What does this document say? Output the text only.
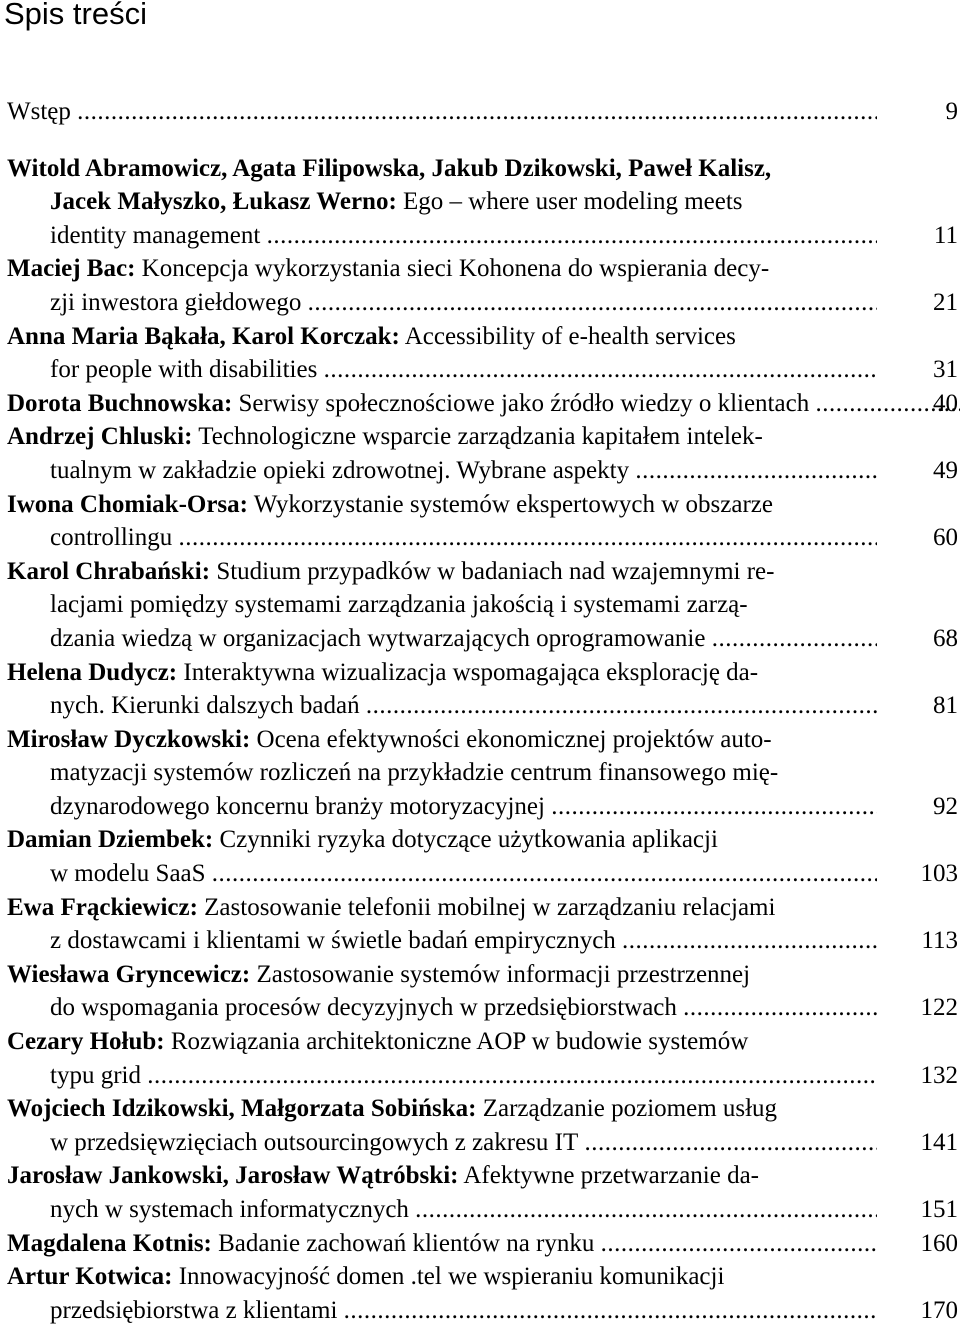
Spis treści
Wstęp
.....	9
Witold Abramowicz, Agata Filipowska, Jakub Dzikowski, Paweł Kalisz,
Jacek Małyszko, Łukasz Werno: Ego – where user modeling meets
identity management
.....	11
Maciej Bac: Koncepcja wykorzystania sieci Kohonena do wspierania decy-
zji inwestora giełdowego
.....	21
Anna Maria Bąkała, Karol Korczak: Accessibility of e-health services
for people with disabilities
.....	31
Dorota Buchnowska: Serwisy społecznościowe jako źródło wiedzy o klientach
.....	40
Andrzej Chluski: Technologiczne wsparcie zarządzania kapitałem intelek-
tualnym w zakładzie opieki zdrowotnej. Wybrane aspekty
.....	49
Iwona Chomiak-Orsa: Wykorzystanie systemów ekspertowych w obszarze
controllingu
.....	60
Karol Chrabański: Studium przypadków w badaniach nad wzajemnymi re-
lacjami pomiędzy systemami zarządzania jakością i systemami zarzą-
dzania wiedzą w organizacjach wytwarzających oprogramowanie
.....	68
Helena Dudycz: Interaktywna wizualizacja wspomagająca eksplorację da-
nych. Kierunki dalszych badań
.....	81
Mirosław Dyczkowski: Ocena efektywności ekonomicznej projektów auto-
matyzacji systemów rozliczeń na przykładzie centrum finansowego mię-
dzynarodowego koncernu branży motoryzacyjnej
.....	92
Damian Dziembek: Czynniki ryzyka dotyczące użytkowania aplikacji
w modelu SaaS
.....	103
Ewa Frąckiewicz: Zastosowanie telefonii mobilnej w zarządzaniu relacjami
z dostawcami i klientami w świetle badań empirycznych
.....	113
Wiesława Gryncewicz: Zastosowanie systemów informacji przestrzennej
do wspomagania procesów decyzyjnych w przedsiębiorstwach
.....	122
Cezary Hołub: Rozwiązania architektoniczne AOP w budowie systemów
typu grid
.....	132
Wojciech Idzikowski, Małgorzata Sobińska: Zarządzanie poziomem usług
w przedsięwzięciach outsourcingowych z zakresu IT
.....	141
Jarosław Jankowski, Jarosław Wątróbski: Afektywne przetwarzanie da-
nych w systemach informatycznych
.....	151
Magdalena Kotnis: Badanie zachowań klientów na rynku
.....	160
Artur Kotwica: Innowacyjność domen .tel we wspieraniu komunikacji
przedsiębiorstwa z klientami
.....	170
